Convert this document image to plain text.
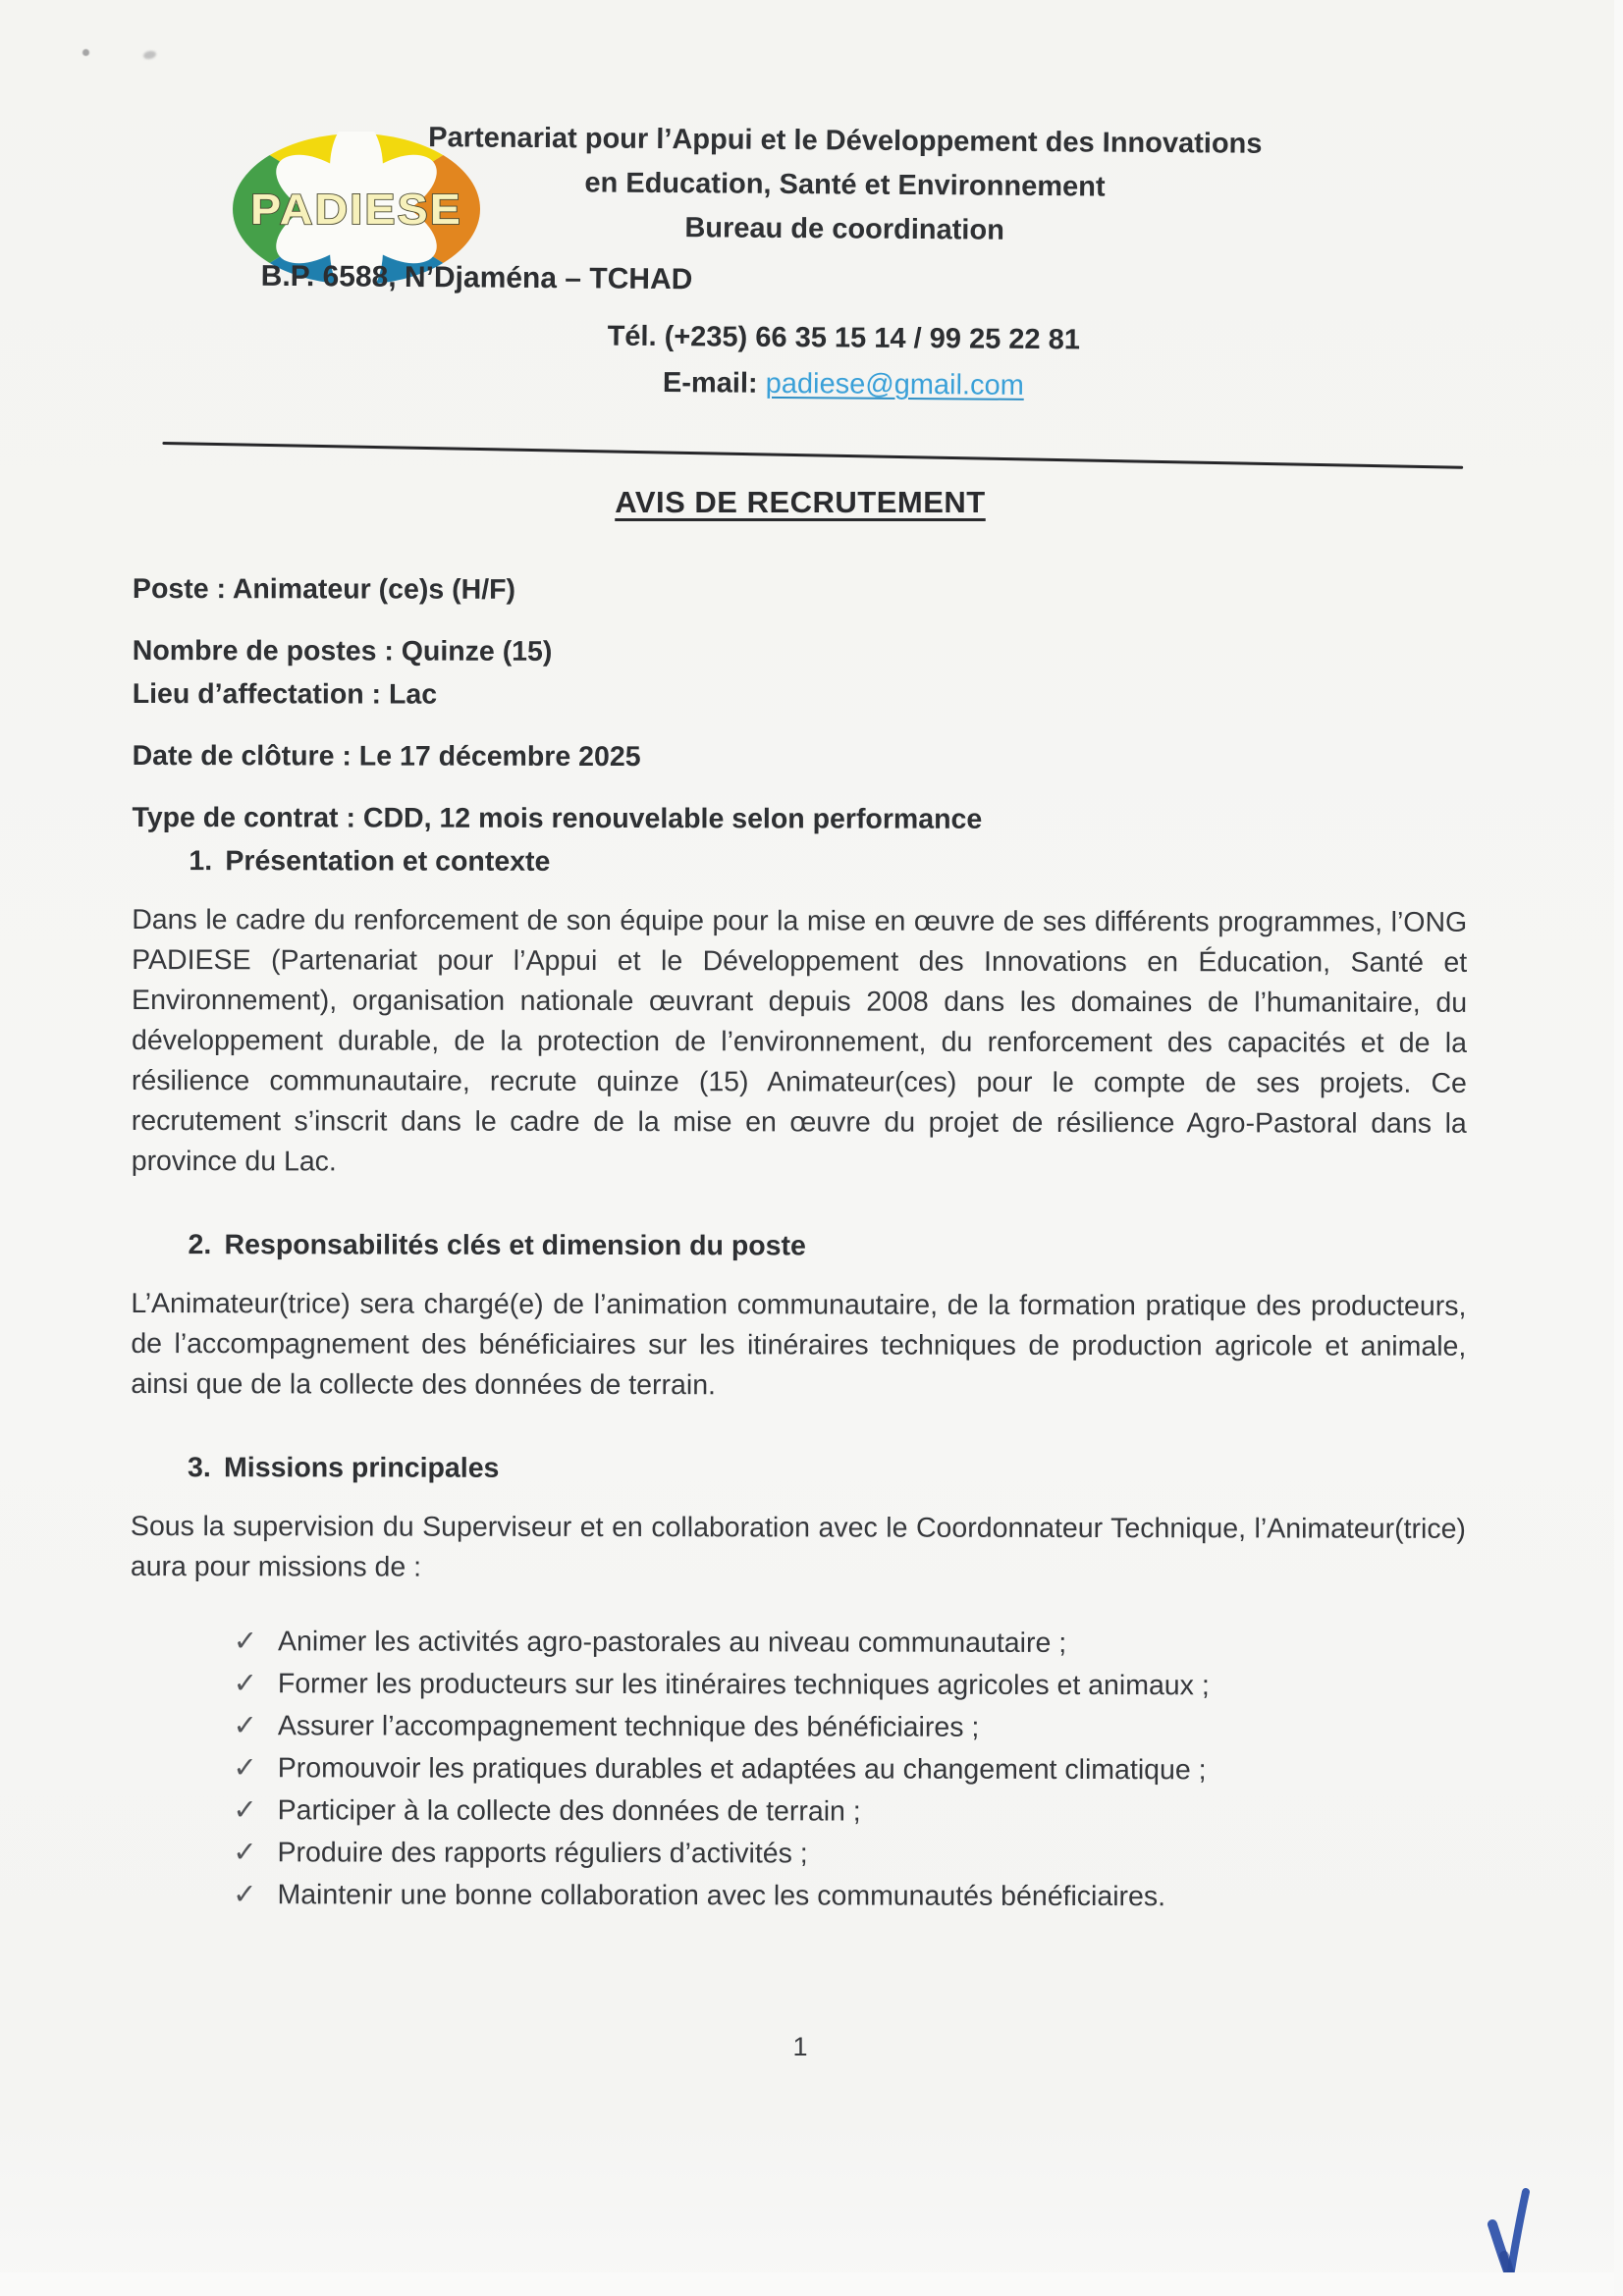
PADIESE
Partenariat pour l’Appui et le Développement des Innovations
en Education, Santé et Environnement
Bureau de coordination
B.P. 6588, N’Djaména – TCHAD
Tél. (+235) 66 35 15 14 / 99 25 22 81
E-mail: padiese@gmail.com
AVIS DE RECRUTEMENT

Poste : Animateur (ce)s (H/F)

Nombre de postes : Quinze (15)

Lieu d’affectation : Lac

Date de clôture : Le 17 décembre 2025

Type de contrat : CDD, 12 mois renouvelable selon performance

1. Présentation et contexte

Dans le cadre du renforcement de son équipe pour la mise en œuvre de ses différents programmes, l’ONG PADIESE (Partenariat pour l’Appui et le Développement des Innovations en Éducation, Santé et Environnement), organisation nationale œuvrant depuis 2008 dans les domaines de l’humanitaire, du développement durable, de la protection de l’environnement, du renforcement des capacités et de la résilience communautaire, recrute quinze (15) Animateur(ces) pour le compte de ses projets. Ce recrutement s’inscrit dans le cadre de la mise en œuvre du projet de résilience Agro-Pastoral dans la province du Lac.

2. Responsabilités clés et dimension du poste

L’Animateur(trice) sera chargé(e) de l’animation communautaire, de la formation pratique des producteurs, de l’accompagnement des bénéficiaires sur les itinéraires techniques de production agricole et animale, ainsi que de la collecte des données de terrain.

3. Missions principales

Sous la supervision du Superviseur et en collaboration avec le Coordonnateur Technique, l’Animateur(trice) aura pour missions de :

✓ Animer les activités agro-pastorales au niveau communautaire ;
✓ Former les producteurs sur les itinéraires techniques agricoles et animaux ;
✓ Assurer l’accompagnement technique des bénéficiaires ;
✓ Promouvoir les pratiques durables et adaptées au changement climatique ;
✓ Participer à la collecte des données de terrain ;
✓ Produire des rapports réguliers d’activités ;
✓ Maintenir une bonne collaboration avec les communautés bénéficiaires.
1
